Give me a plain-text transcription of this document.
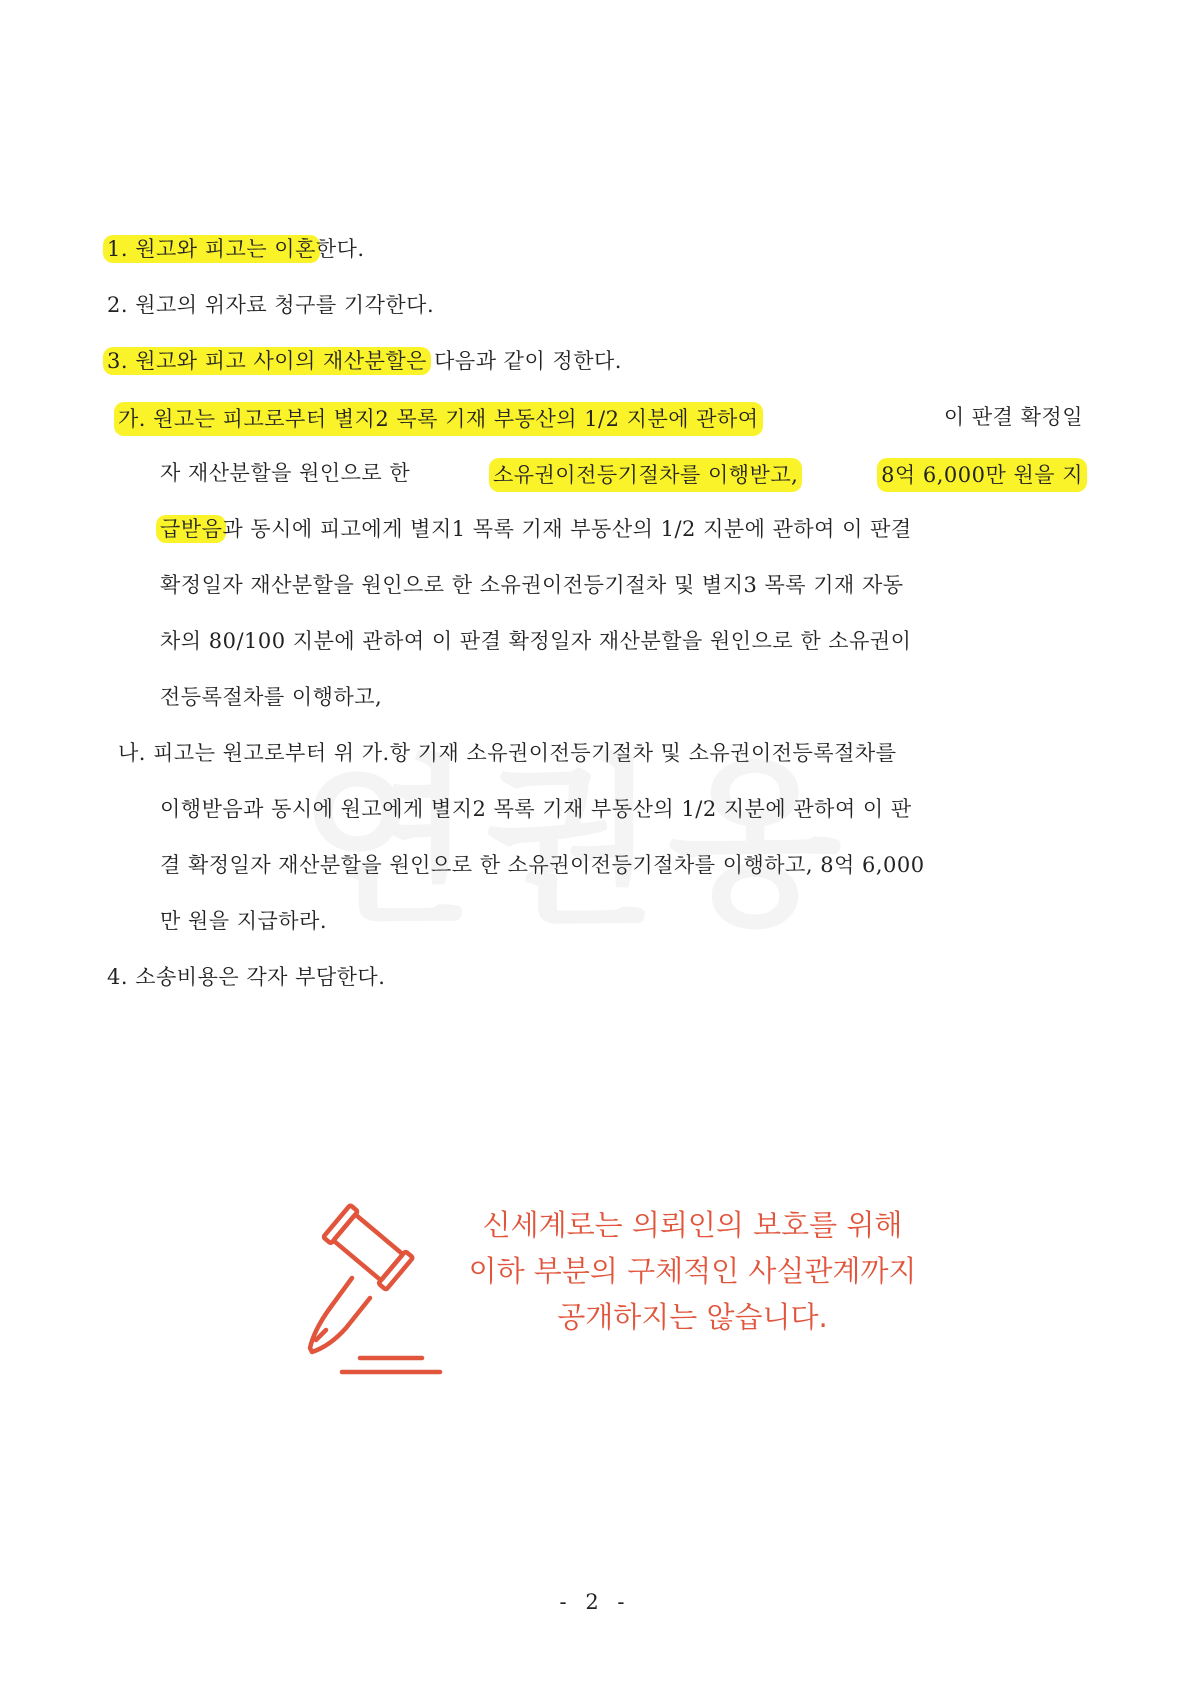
1. 원고와 피고는 이혼한다.
2. 원고의 위자료 청구를 기각한다.
3. 원고와 피고 사이의 재산분할은 다음과 같이 정한다.
가. 원고는 피고로부터 별지2 목록 기재 부동산의 1/2 지분에 관하여	이 판결 확정일
자 재산분할을 원인으로 한	소유권이전등기절차를 이행받고,	8억 6,000만 원을 지
급받음과 동시에 피고에게 별지1 목록 기재 부동산의 1/2 지분에 관하여 이 판결
확정일자 재산분할을 원인으로 한 소유권이전등기절차 및 별지3 목록 기재 자동
차의 80/100 지분에 관하여 이 판결 확정일자 재산분할을 원인으로 한 소유권이
전등록절차를 이행하고,
나. 피고는 원고로부터 위 가.항 기재 소유권이전등기절차 및 소유권이전등록절차를
이행받음과 동시에 원고에게 별지2 목록 기재 부동산의 1/2 지분에 관하여 이 판
결 확정일자 재산분할을 원인으로 한 소유권이전등기절차를 이행하고, 8억 6,000
만 원을 지급하라.
4. 소송비용은 각자 부담한다.
신세계로는 의뢰인의 보호를 위해
이하 부분의 구체적인 사실관계까지
공개하지는 않습니다.
- 2 -
